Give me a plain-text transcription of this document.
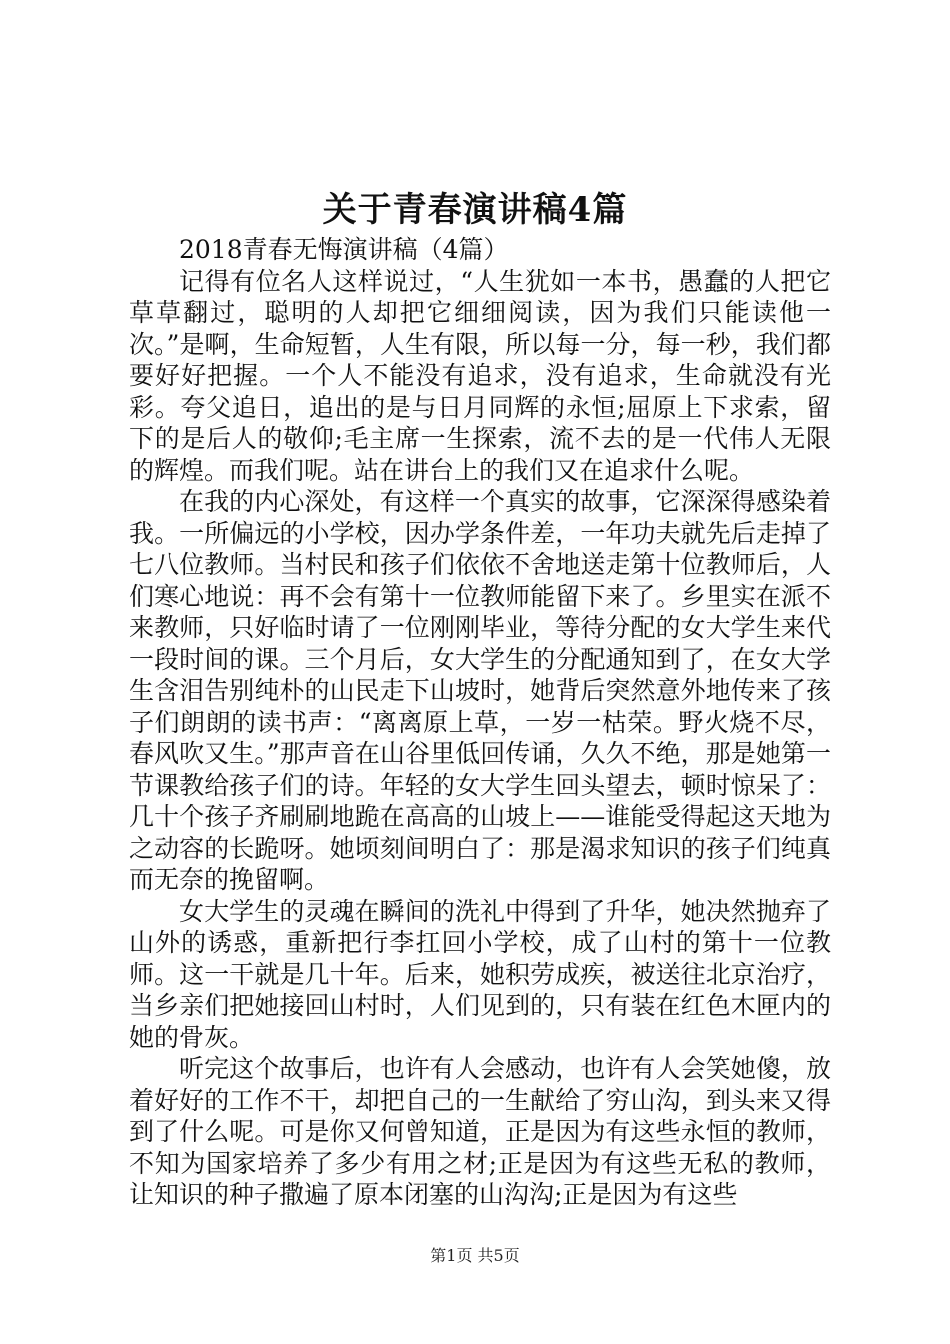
关于青春演讲稿4篇

2018青春无悔演讲稿（4篇）

记得有位名人这样说过，“人生犹如一本书，愚蠢的人把它草草翻过，聪明的人却把它细细阅读，因为我们只能读他一次。”是啊，生命短暂，人生有限，所以每一分，每一秒，我们都要好好把握。一个人不能没有追求，没有追求，生命就没有光彩。夸父追日，追出的是与日月同辉的永恒;屈原上下求索，留下的是后人的敬仰;毛主席一生探索，流不去的是一代伟人无限的辉煌。而我们呢。站在讲台上的我们又在追求什么呢。

在我的内心深处，有这样一个真实的故事，它深深得感染着我。一所偏远的小学校，因办学条件差，一年功夫就先后走掉了七八位教师。当村民和孩子们依依不舍地送走第十位教师后，人们寒心地说：再不会有第十一位教师能留下来了。乡里实在派不来教师，只好临时请了一位刚刚毕业，等待分配的女大学生来代一段时间的课。三个月后，女大学生的分配通知到了，在女大学生含泪告别纯朴的山民走下山坡时，她背后突然意外地传来了孩子们朗朗的读书声：“离离原上草，一岁一枯荣。野火烧不尽，春风吹又生。”那声音在山谷里低回传诵，久久不绝，那是她第一节课教给孩子们的诗。年轻的女大学生回头望去，顿时惊呆了：几十个孩子齐刷刷地跪在高高的山坡上——谁能受得起这天地为之动容的长跪呀。她顷刻间明白了：那是渴求知识的孩子们纯真而无奈的挽留啊。

女大学生的灵魂在瞬间的洗礼中得到了升华，她决然抛弃了山外的诱惑，重新把行李扛回小学校，成了山村的第十一位教师。这一干就是几十年。后来，她积劳成疾，被送往北京治疗，当乡亲们把她接回山村时，人们见到的，只有装在红色木匣内的她的骨灰。

听完这个故事后，也许有人会感动，也许有人会笑她傻，放着好好的工作不干，却把自己的一生献给了穷山沟，到头来又得到了什么呢。可是你又何曾知道，正是因为有这些永恒的教师，不知为国家培养了多少有用之材;正是因为有这些无私的教师，让知识的种子撒遍了原本闭塞的山沟沟;正是因为有这些

第1页 共5页
